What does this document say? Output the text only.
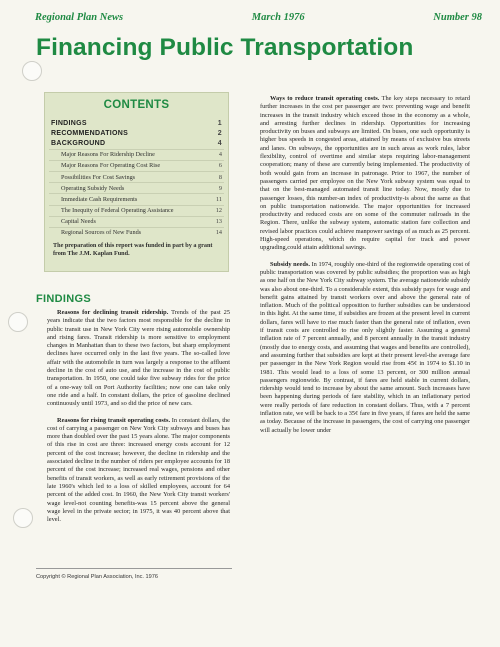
Regional Plan News	March 1976	Number 98
Financing Public Transportation
CONTENTS
FINDINGS	1
RECOMMENDATIONS	2
BACKGROUND	4
Major Reasons For Ridership Decline	4
Major Reasons For Operating Cost Rise	6
Possibilities For Cost Savings	8
Operating Subsidy Needs	9
Immediate Cash Requirements	11
The Inequity of Federal Operating Assistance	12
Capital Needs	13
Regional Sources of New Funds	14
The preparation of this report was funded in part by a grant from The J.M. Kaplan Fund.
FINDINGS

Reasons for declining transit ridership. Trends of the past 25 years indicate that the two factors most responsible for the decline in public transit use in New York City were rising automobile ownership and rising fares. Transit ridership is more sensitive to employment changes in Manhattan than to these two factors, but sharp employment declines have occurred only in the last five years. The so-called love affair with the automobile in turn was largely a response to the affluent decline in the cost of auto use, and the increase in the cost of public transportation. In 1950, one could take five subway rides for the price of a one-way toll on Port Authority facilities; now one can take only one ride and a half. In constant dollars, the price of gasoline declined continuously until 1973, and so did the price of new cars.

Reasons for rising transit operating costs. In constant dollars, the cost of carrying a passenger on New York City subways and buses has more than doubled over the past 15 years alone. The major components of this rise in cost are three: increased energy costs account for 12 percent of the cost increase; however, the decline in ridership and the associated decline in the number of riders per employee accounts for 18 percent of the cost increase; increased real wages, pensions and other benefits of transit workers, as well as early retirement provisions of the late 1960's which led to a loss of skilled employees, account for 64 percent of the added cost. In 1960, the New York City transit workers' wage level-not counting benefits-was 15 percent above the general wage level in the private sector; in 1975, it was 40 percent above that level.

Ways to reduce transit operating costs. The key steps necessary to retard further increases in the cost per passenger are two: preventing wage and benefit increases in the transit industry which exceed those in the economy as a whole, and arresting further declines in ridership. Opportunities for increasing productivity on buses and subways are limited. On buses, one such opportunity is higher bus speeds in congested areas, attained by means of exclusive bus streets and lanes. On subways, the opportunities are in such areas as work rules, labor flexibility, control of overtime and similar steps requiring labor-management cooperation; many of these are currently being implemented. The productivity of both would gain from an increase in patronage. Prior to 1967, the number of passengers carried per employee on the New York subway system was equal to that on the best-managed automated transit line today. Now, mostly due to passenger losses, this number-an index of productivity-is about the same as that on public transportation nationwide. The major opportunities for increased productivity and reduced costs are on some of the commuter railroads in the Region. There, unlike the subway system, automatic station fare collection and revised labor practices could achieve manpower savings of as much as 25 percent. High-speed operations, which do require capital for track and power upgrading,could attain additional savings.

Subsidy needs. In 1974, roughly one-third of the regionwide operating cost of public transportation was covered by public subsidies; the proportion was as high as one half on the New York City subway system. The average nationwide subsidy was also about one-third. To a considerable extent, this subsidy pays for wage and benefit gains attained by transit workers over and above the general rate of inflation. Much of the political opposition to further subsidies can be understood in this light. At the same time, if subsidies are frozen at the present level in current dollars, fares will have to rise much faster than the general rate of inflation, even if transit costs are controlled to rise only slightly faster. Assuming a general inflation rate of 7 percent annually, and 8 percent annually in the transit industry (mostly due to energy costs, and assuming that wages and benefits are controlled), and assuming further that subsidies are kept at their present level-the average fare per passenger in the New York Region would rise from 45¢ in 1974 to $1.10 in 1981. This would lead to a loss of some 13 percent, or 300 million annual passengers regionwide. By contrast, if fares are held stable in current dollars, ridership would tend to increase by about the same amount. Such increases have been happening during periods of fare stability, which in an inflationary period were really periods of fare reduction in constant dollars. Thus, with a 7 percent inflation rate, we will be back to a 35¢ fare in five years, if fares are held the same as today. Because of the increase in passengers, the cost of carrying one passenger will actually be lower under

Copyright © Regional Plan Association, Inc. 1976
